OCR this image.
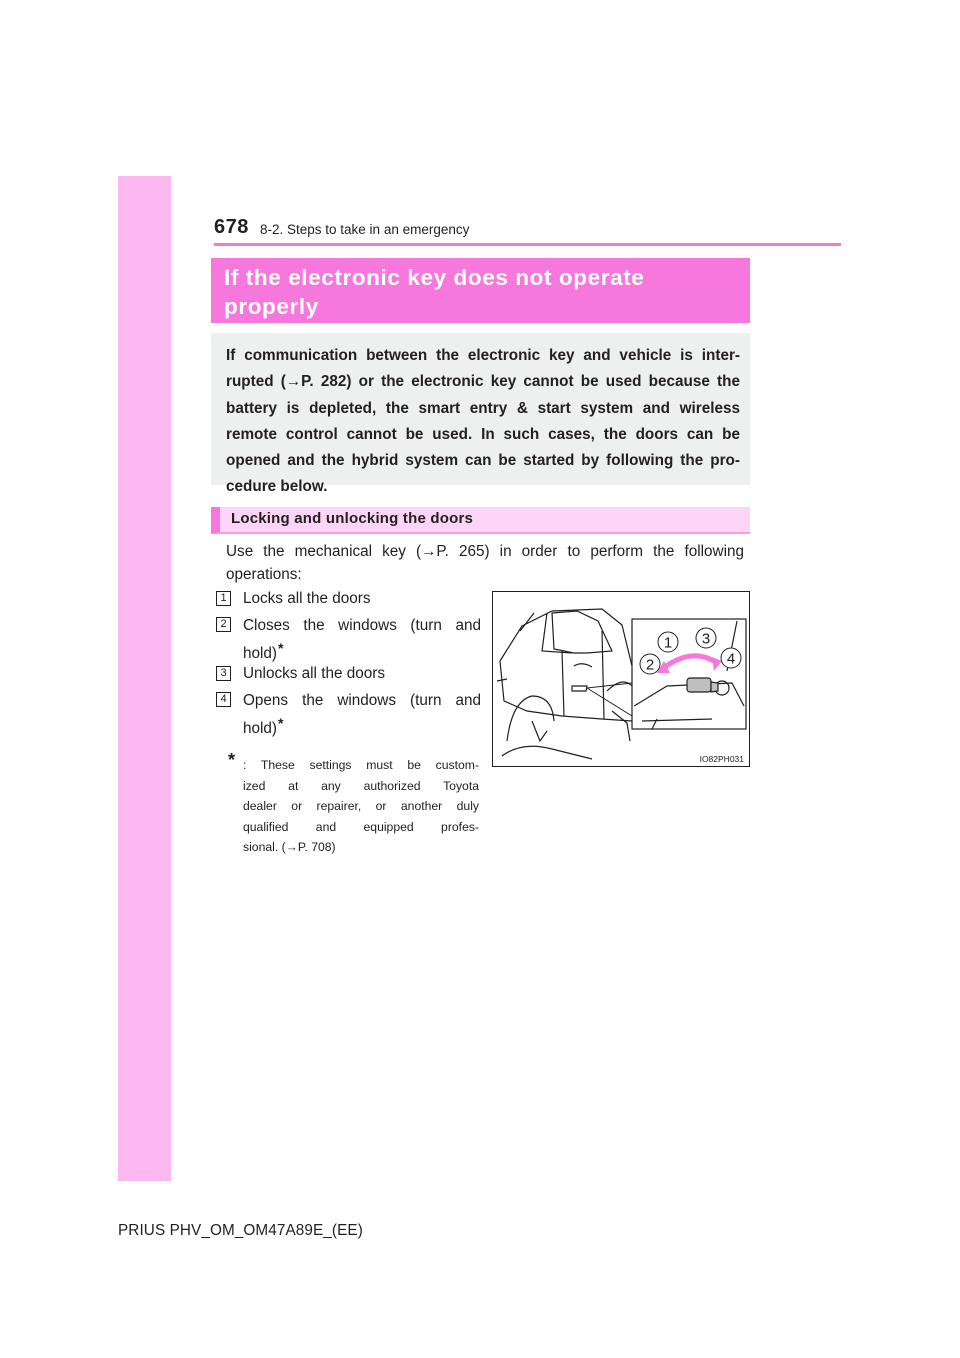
678 8-2. Steps to take in an emergency
If the electronic key does not operate properly
If communication between the electronic key and vehicle is inter- rupted (→P. 282) or the electronic key cannot be used because the battery is depleted, the smart entry & start system and wireless remote control cannot be used. In such cases, the doors can be opened and the hybrid system can be started by following the pro- cedure below.
Locking and unlocking the doors
Use the mechanical key (→P. 265) in order to perform the following operations:
1 Locks all the doors
2 Closes the windows (turn and
hold)*
3 Unlocks all the doors
4 Opens the windows (turn and
hold)*
* : These settings must be custom-
ized at any authorized Toyota
dealer or repairer, or another duly
qualified and equipped profes-
sional. (→P. 708)
1
2
3
4
IO82PH031
PRIUS PHV_OM_OM47A89E_(EE)
